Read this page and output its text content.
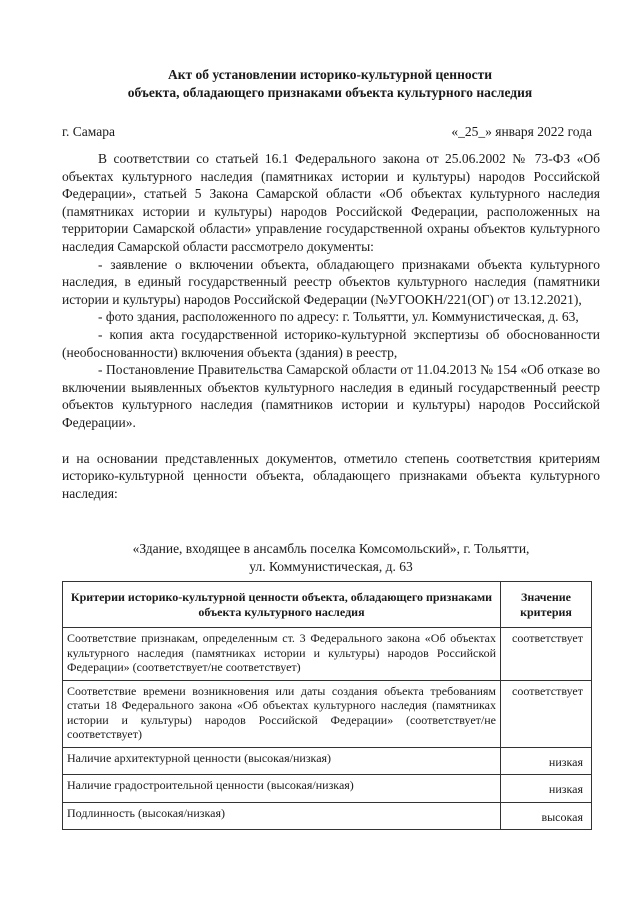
Акт об установлении историко-культурной ценности
объекта, обладающего признаками объекта культурного наследия
г. Самара	«_25_» января 2022 года

В соответствии со статьей 16.1 Федерального закона от 25.06.2002 № 73-ФЗ «Об объектах культурного наследия (памятниках истории и культуры) народов Российской Федерации», статьей 5 Закона Самарской области «Об объектах культурного наследия (памятниках истории и культуры) народов Российской Федерации, расположенных на территории Самарской области» управление государственной охраны объектов культурного наследия Самарской области рассмотрело документы:

- заявление о включении объекта, обладающего признаками объекта культурного наследия, в единый государственный реестр объектов культурного наследия (памятники истории и культуры) народов Российской Федерации (№УГООКН/221(ОГ) от 13.12.2021),

- фото здания, расположенного по адресу: г. Тольятти, ул. Коммунистическая, д. 63,

- копия акта государственной историко-культурной экспертизы об обоснованности (необоснованности) включения объекта (здания) в реестр,

- Постановление Правительства Самарской области от 11.04.2013 № 154 «Об отказе во включении выявленных объектов культурного наследия в единый государственный реестр объектов культурного наследия (памятников истории и культуры) народов Российской Федерации».

и на основании представленных документов, отметило степень соответствия критериям историко-культурной ценности объекта, обладающего признаками объекта культурного наследия:

«Здание, входящее в ансамбль поселка Комсомольский», г. Тольятти,
ул. Коммунистическая, д. 63
Критерии историко-культурной ценности объекта, обладающего признаками объекта культурного наследия	Значение критерия
Соответствие признакам, определенным ст. 3 Федерального закона «Об объектах культурного наследия (памятниках истории и культуры) народов Российской Федерации» (соответствует/не соответствует)	соответствует
Соответствие времени возникновения или даты создания объекта требованиям статьи 18 Федерального закона «Об объектах культурного наследия (памятниках истории и культуры) народов Российской Федерации» (соответствует/не соответствует)	соответствует
Наличие архитектурной ценности (высокая/низкая)	низкая
Наличие градостроительной ценности (высокая/низкая)	низкая
Подлинность (высокая/низкая)	высокая
